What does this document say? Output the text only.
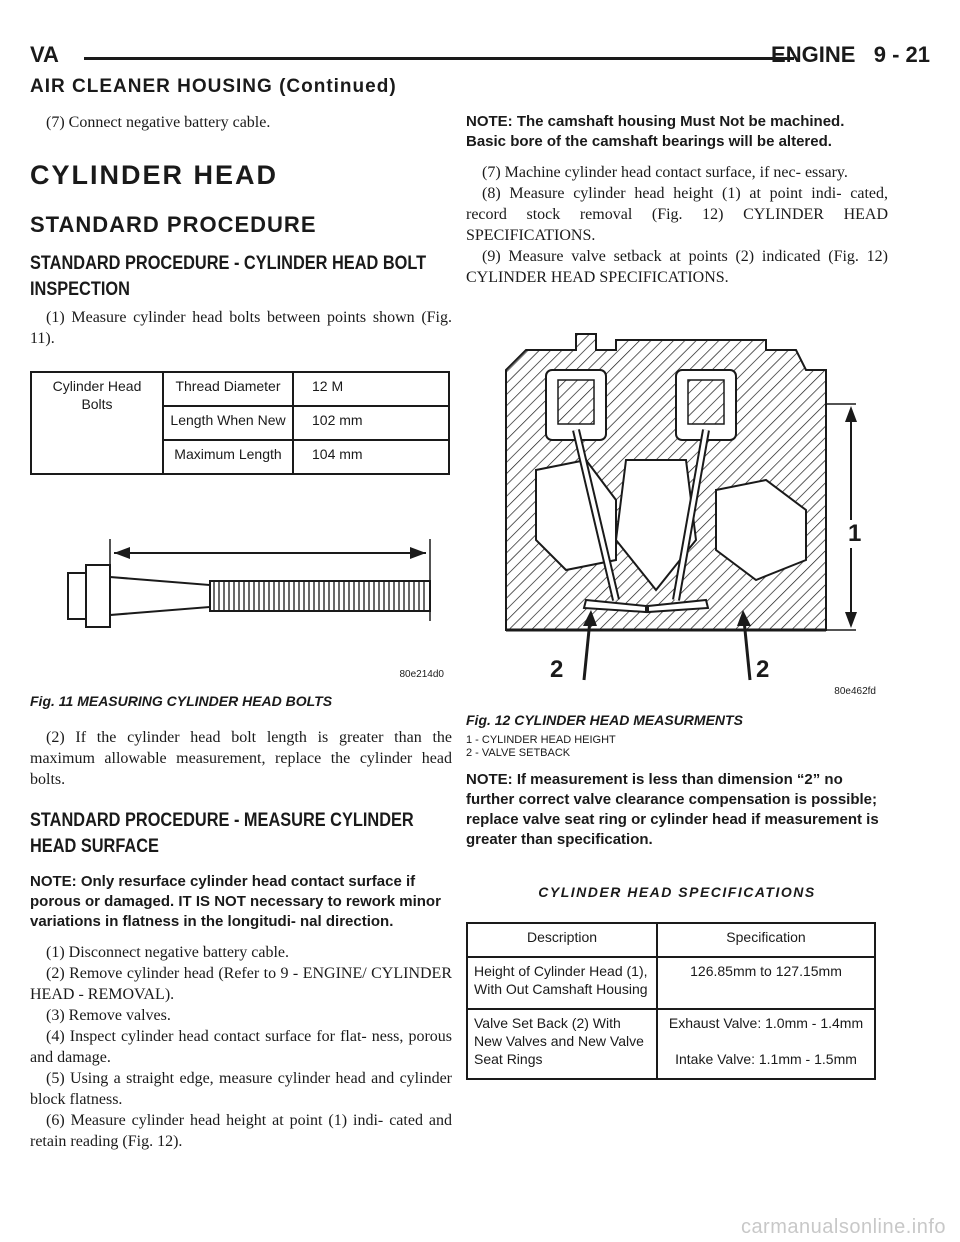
VA	ENGINE   9 - 21
AIR CLEANER HOUSING (Continued)

(7) Connect negative battery cable.

CYLINDER HEAD
STANDARD PROCEDURE
STANDARD PROCEDURE - CYLINDER HEAD BOLT INSPECTION

(1) Measure cylinder head bolts between points shown (Fig. 11).

Cylinder Head Bolts	Thread Diameter	12 M
	Length When New	102 mm
	Maximum Length	104 mm
80e214d0
Fig. 11 MEASURING CYLINDER HEAD BOLTS

(2) If the cylinder head bolt length is greater than the maximum allowable measurement, replace the cylinder head bolts.

STANDARD PROCEDURE - MEASURE CYLINDER HEAD SURFACE

NOTE: Only resurface cylinder head contact surface if porous or damaged. IT IS NOT necessary to rework minor variations in flatness in the longitudi- nal direction.

(1) Disconnect negative battery cable.

(2) Remove cylinder head (Refer to 9 - ENGINE/ CYLINDER HEAD - REMOVAL).

(3) Remove valves.

(4) Inspect cylinder head contact surface for flat- ness, porous and damage.

(5) Using a straight edge, measure cylinder head and cylinder block flatness.

(6) Measure cylinder head height at point (1) indi- cated and retain reading (Fig. 12).

NOTE: The camshaft housing Must Not be machined. Basic bore of the camshaft bearings will be altered.

(7) Machine cylinder head contact surface, if nec- essary.

(8) Measure cylinder head height (1) at point indi- cated, record stock removal (Fig. 12) CYLINDER HEAD SPECIFICATIONS.

(9) Measure valve setback at points (2) indicated (Fig. 12) CYLINDER HEAD SPECIFICATIONS.

1
2	2
80e462fd
Fig. 12 CYLINDER HEAD MEASURMENTS
1 - CYLINDER HEAD HEIGHT
2 - VALVE SETBACK

NOTE: If measurement is less than dimension “2” no further correct valve clearance compensation is possible; replace valve seat ring or cylinder head if measurement is greater than specification.

CYLINDER HEAD SPECIFICATIONS
Description	Specification
Height of Cylinder Head (1), With Out Camshaft Housing	126.85mm to 127.15mm
Valve Set Back (2) With New Valves and New Valve Seat Rings	Exhaust Valve: 1.0mm - 1.4mm
Intake Valve: 1.1mm - 1.5mm
carmanualsonline.info
